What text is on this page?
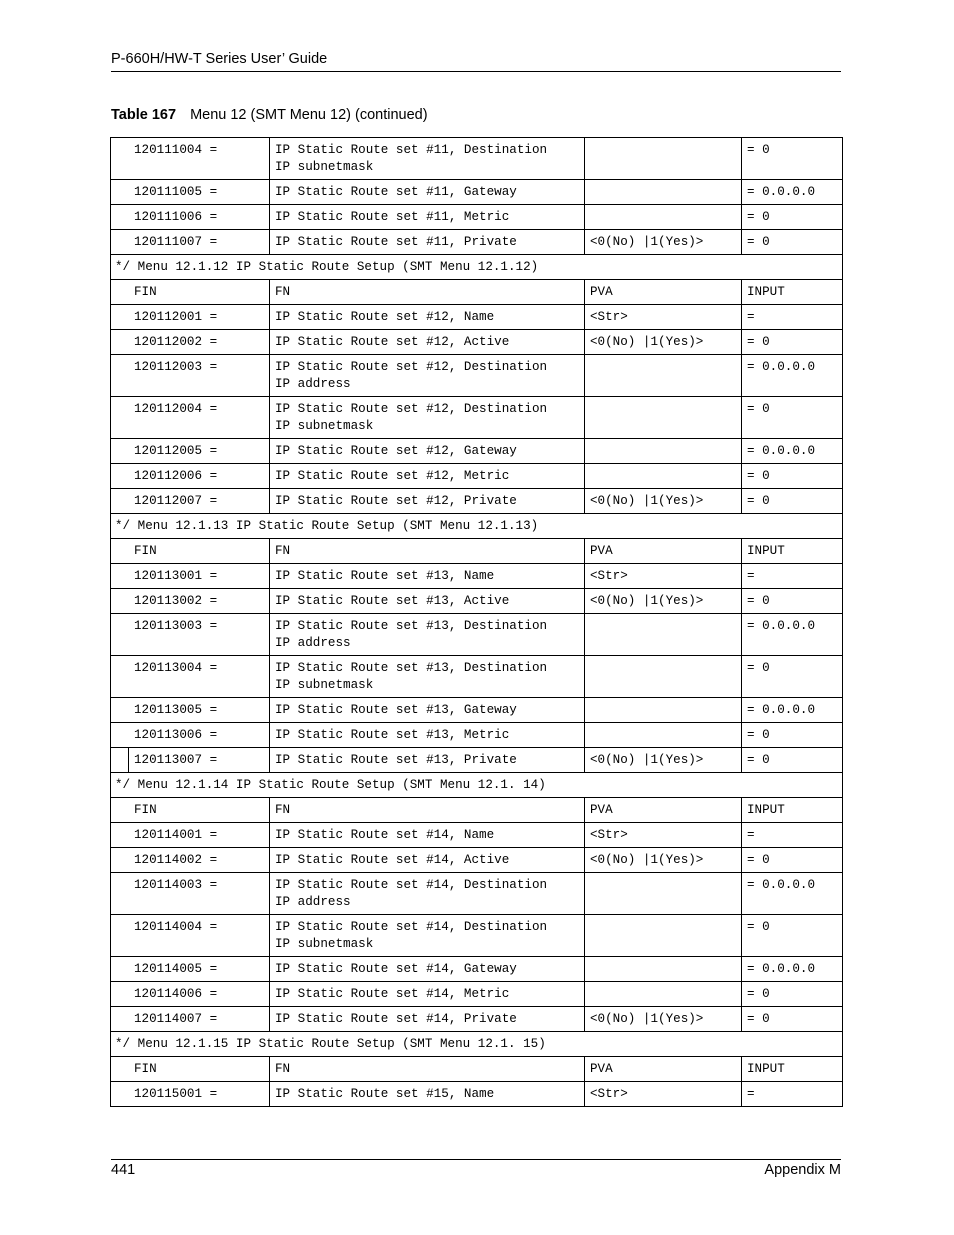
P-660H/HW-T Series User’ Guide
Table 167 Menu 12 (SMT Menu 12) (continued)
120111004 =	IP Static Route set #11, Destination
IP subnetmask		= 0
120111005 =	IP Static Route set #11, Gateway		= 0.0.0.0
120111006 =	IP Static Route set #11, Metric		= 0
120111007 =	IP Static Route set #11, Private	<0(No) |1(Yes)>	= 0
*/ Menu 12.1.12 IP Static Route Setup (SMT Menu 12.1.12)			
FIN	FN	PVA	INPUT
120112001 =	IP Static Route set #12, Name	<Str>	=
120112002 =	IP Static Route set #12, Active	<0(No) |1(Yes)>	= 0
120112003 =	IP Static Route set #12, Destination
IP address		= 0.0.0.0
120112004 =	IP Static Route set #12, Destination
IP subnetmask		= 0
120112005 =	IP Static Route set #12, Gateway		= 0.0.0.0
120112006 =	IP Static Route set #12, Metric		= 0
120112007 =	IP Static Route set #12, Private	<0(No) |1(Yes)>	= 0
*/ Menu 12.1.13 IP Static Route Setup (SMT Menu 12.1.13)			
FIN	FN	PVA	INPUT
120113001 =	IP Static Route set #13, Name	<Str>	=
120113002 =	IP Static Route set #13, Active	<0(No) |1(Yes)>	= 0
120113003 =	IP Static Route set #13, Destination
IP address		= 0.0.0.0
120113004 =	IP Static Route set #13, Destination
IP subnetmask		= 0
120113005 =	IP Static Route set #13, Gateway		= 0.0.0.0
120113006 =	IP Static Route set #13, Metric		= 0

120113007 =	IP Static Route set #13, Private	<0(No) |1(Yes)>	= 0
*/ Menu 12.1.14 IP Static Route Setup (SMT Menu 12.1. 14)			
FIN	FN	PVA	INPUT
120114001 =	IP Static Route set #14, Name	<Str>	=
120114002 =	IP Static Route set #14, Active	<0(No) |1(Yes)>	= 0
120114003 =	IP Static Route set #14, Destination
IP address		= 0.0.0.0
120114004 =	IP Static Route set #14, Destination
IP subnetmask		= 0
120114005 =	IP Static Route set #14, Gateway		= 0.0.0.0
120114006 =	IP Static Route set #14, Metric		= 0
120114007 =	IP Static Route set #14, Private	<0(No) |1(Yes)>	= 0
*/ Menu 12.1.15 IP Static Route Setup (SMT Menu 12.1. 15)			
FIN	FN	PVA	INPUT
120115001 =	IP Static Route set #15, Name	<Str>	=
441	Appendix M
